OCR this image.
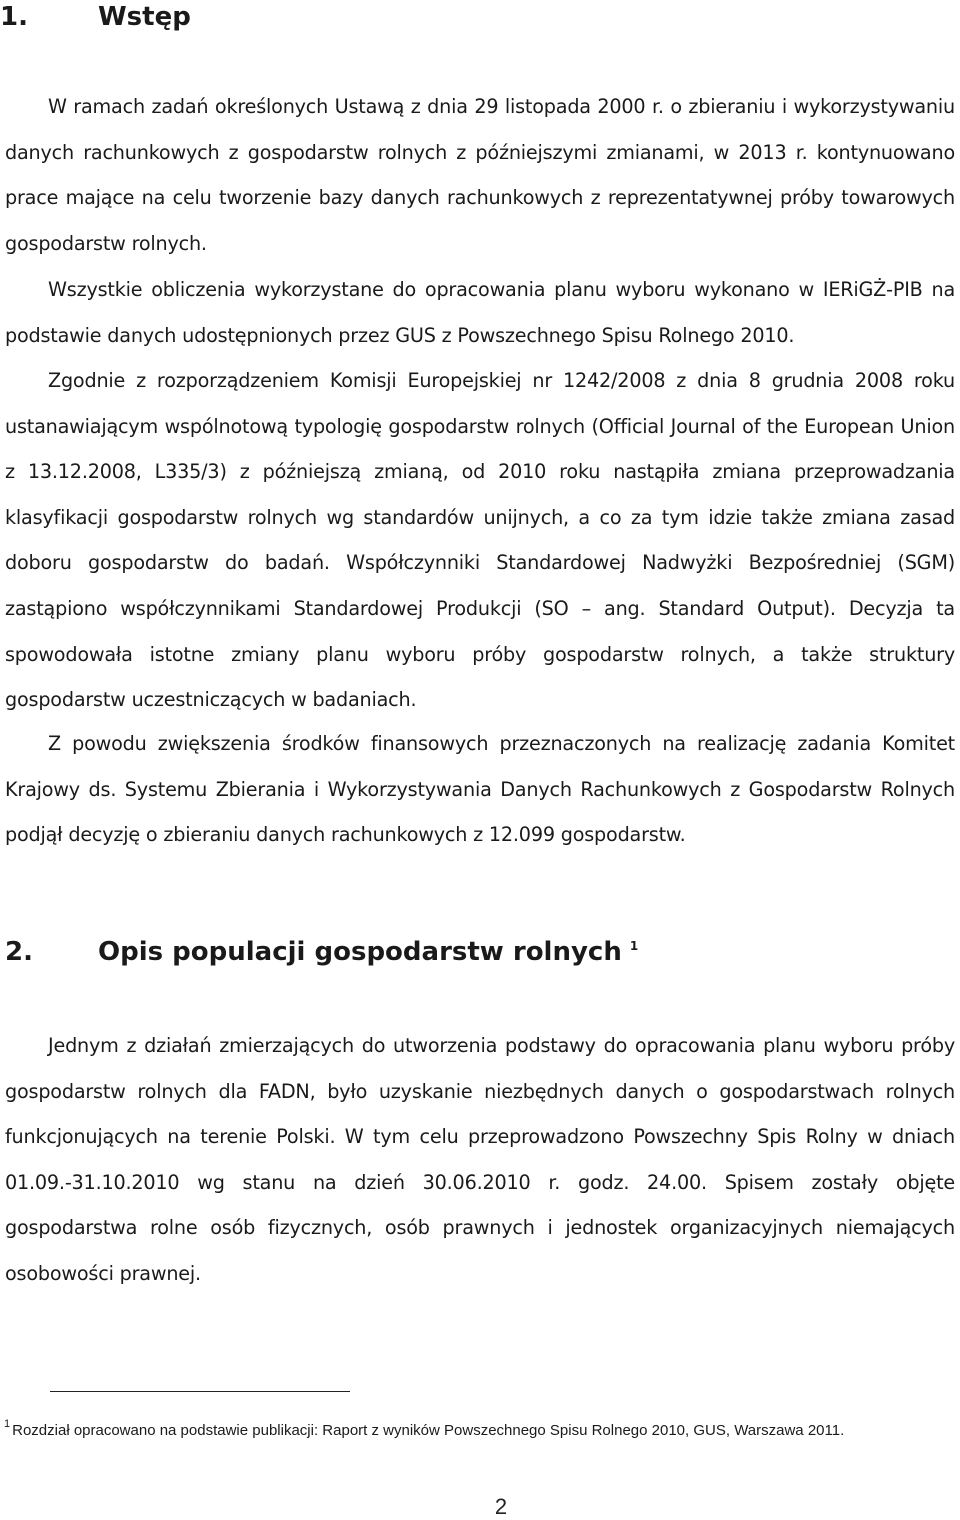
1.	Wstęp

W ramach zadań określonych Ustawą z dnia 29 listopada 2000 r. o zbieraniu i wykorzystywaniu danych rachunkowych z gospodarstw rolnych z późniejszymi zmianami, w 2013 r. kontynuowano prace mające na celu tworzenie bazy danych rachunkowych z reprezentatywnej próby towarowych gospodarstw rolnych.

Wszystkie obliczenia wykorzystane do opracowania planu wyboru wykonano w IERiGŻ-PIB na podstawie danych udostępnionych przez GUS z Powszechnego Spisu Rolnego 2010.

Zgodnie z rozporządzeniem Komisji Europejskiej nr 1242/2008 z dnia 8 grudnia 2008 roku ustanawiającym wspólnotową typologię gospodarstw rolnych (Official Journal of the European Union z 13.12.2008, L335/3) z późniejszą zmianą, od 2010 roku nastąpiła zmiana przeprowadzania klasyfikacji gospodarstw rolnych wg standardów unijnych, a co za tym idzie także zmiana zasad doboru gospodarstw do badań. Współczynniki Standardowej Nadwyżki Bezpośredniej (SGM) zastąpiono współczynnikami Standardowej Produkcji (SO – ang. Standard Output). Decyzja ta spowodowała istotne zmiany planu wyboru próby gospodarstw rolnych, a także struktury gospodarstw uczestniczących w badaniach.

Z powodu zwiększenia środków finansowych przeznaczonych na realizację zadania Komitet Krajowy ds. Systemu Zbierania i Wykorzystywania Danych Rachunkowych z Gospodarstw Rolnych podjął decyzję o zbieraniu danych rachunkowych z 12.099 gospodarstw.

2.	Opis populacji gospodarstw rolnych $^1$

Jednym z działań zmierzających do utworzenia podstawy do opracowania planu wyboru próby gospodarstw rolnych dla FADN, było uzyskanie niezbędnych danych o gospodarstwach rolnych funkcjonujących na terenie Polski. W tym celu przeprowadzono Powszechny Spis Rolny w dniach 01.09.-31.10.2010 wg stanu na dzień 30.06.2010 r. godz. 24.00. Spisem zostały objęte gospodarstwa rolne osób fizycznych, osób prawnych i jednostek organizacyjnych niemających osobowości prawnej.

$^1$ Rozdział opracowano na podstawie publikacji: Raport z wyników Powszechnego Spisu Rolnego 2010, GUS, Warszawa 2011.

2
